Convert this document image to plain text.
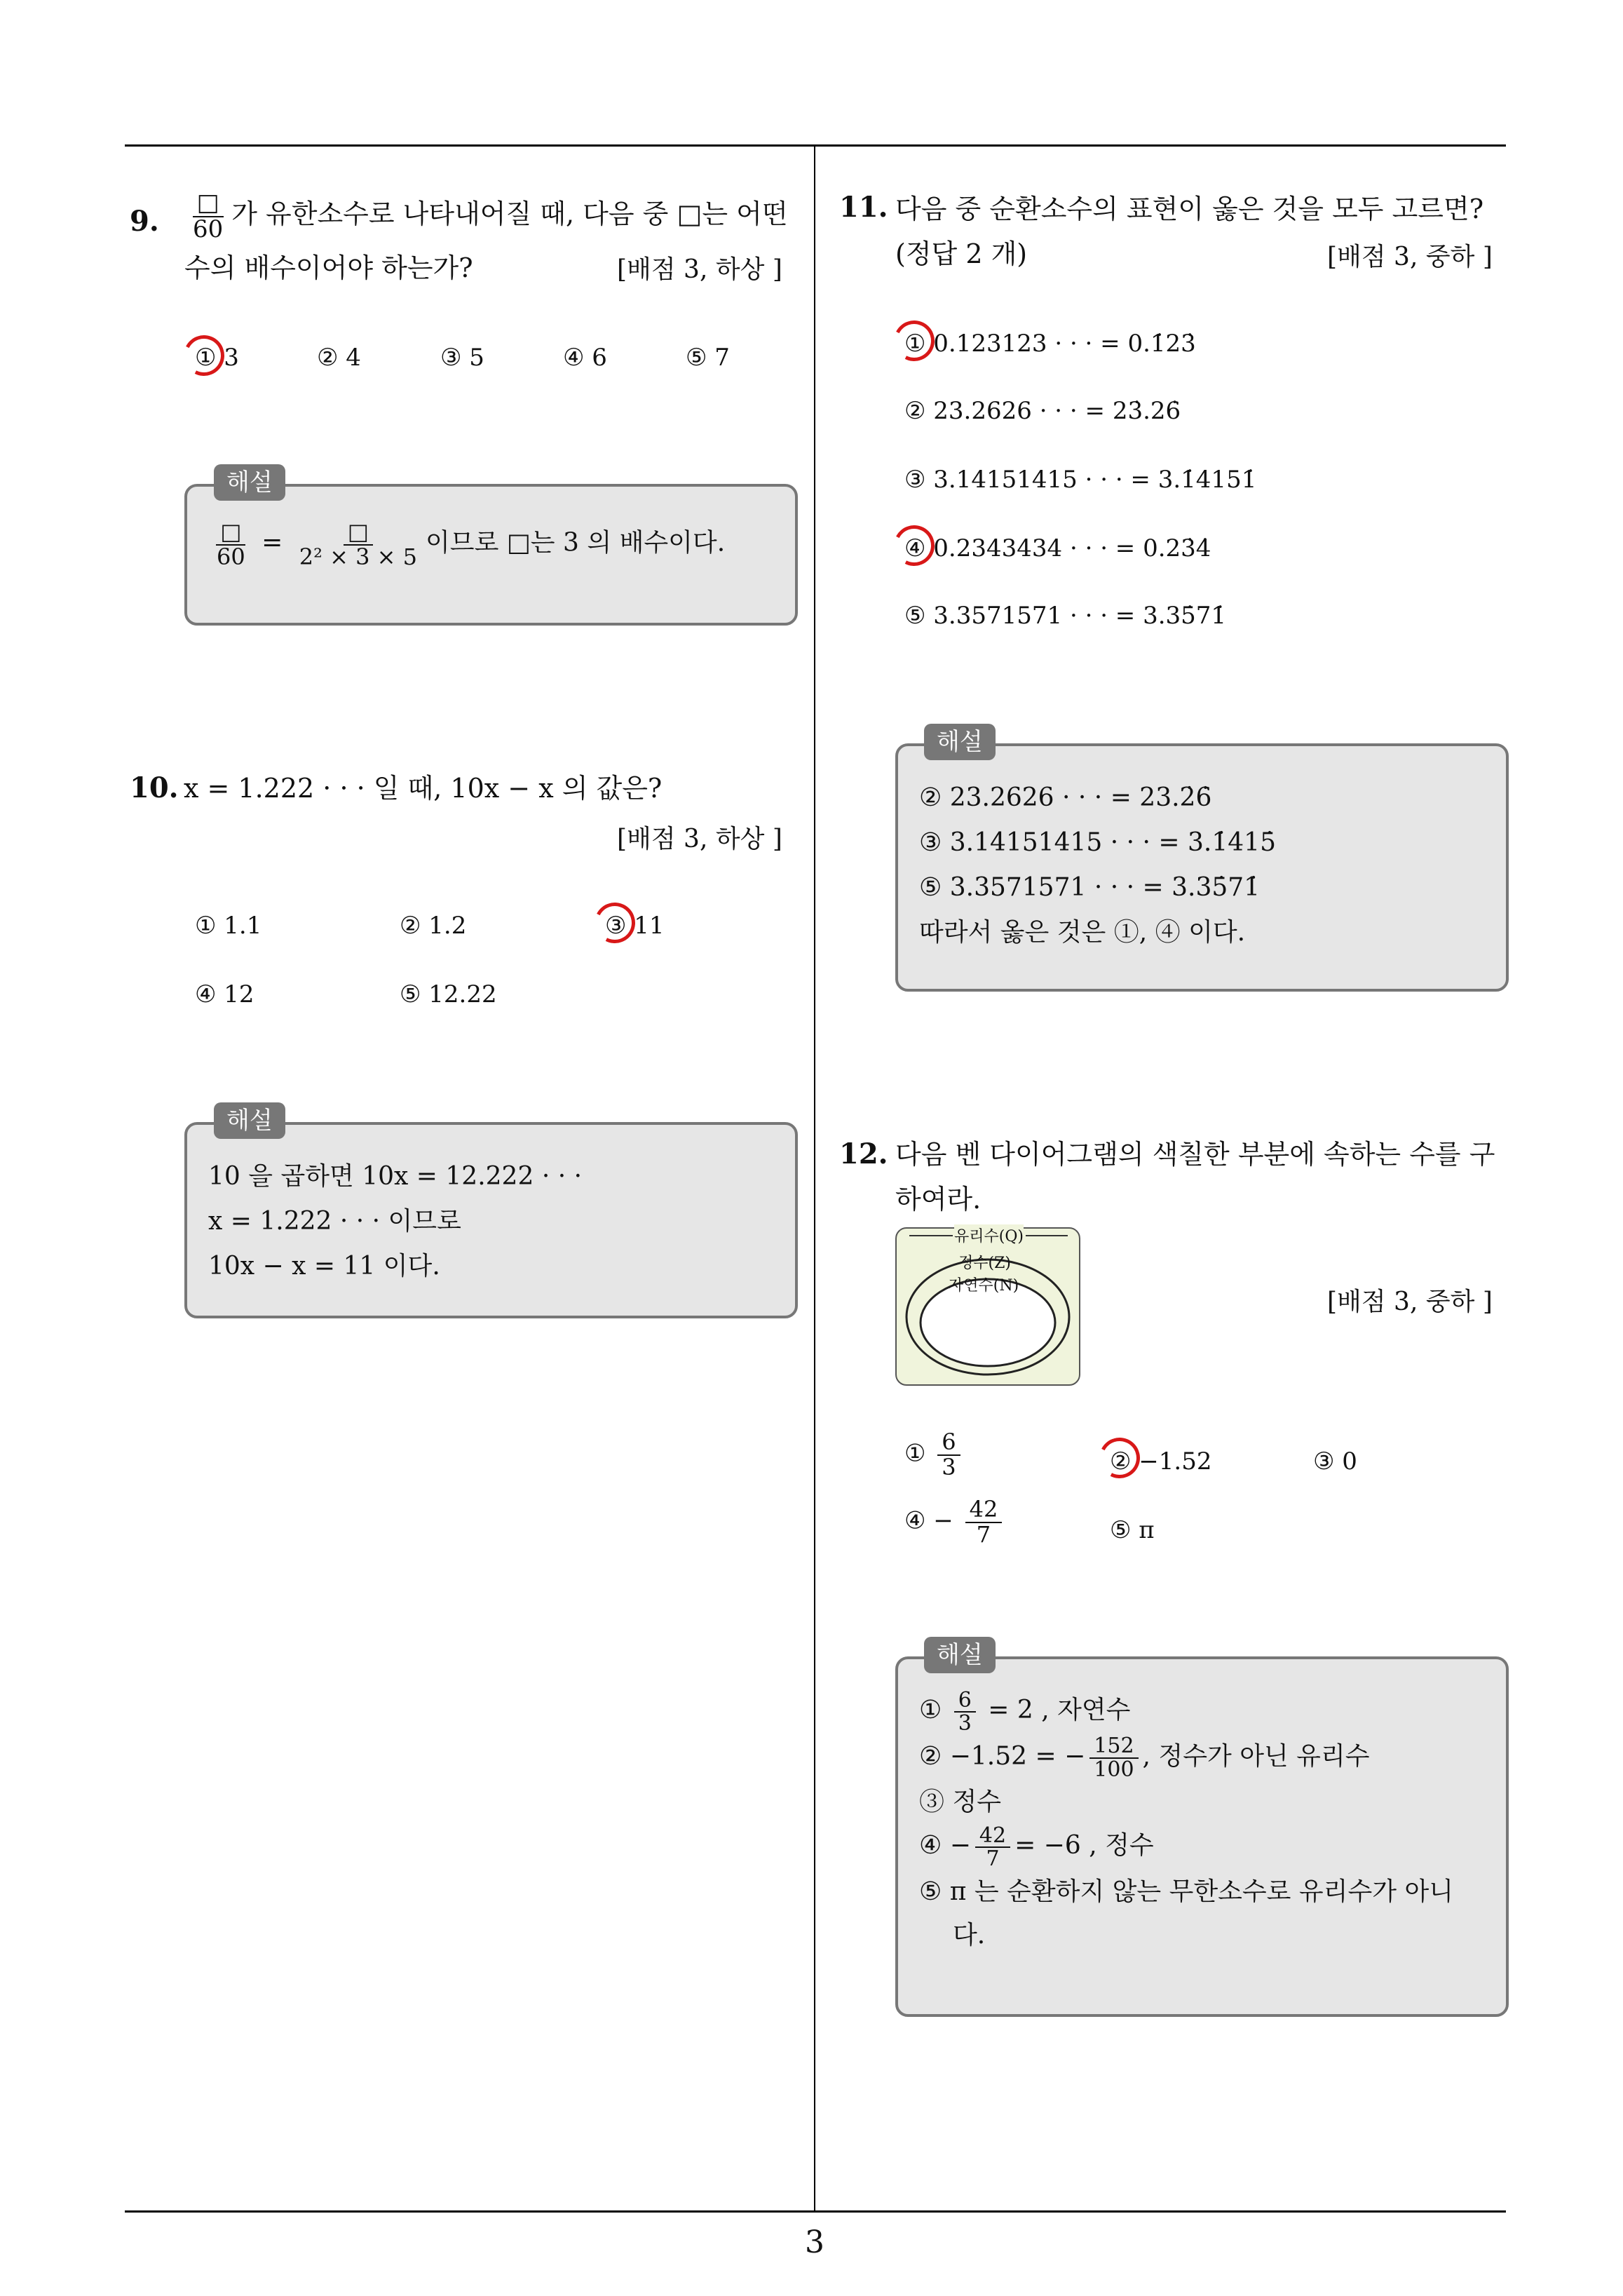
3
9. $\frac{□}{60}$ 가 유한소수로 나타내어질 때, 다음 중 □는 어떤
수의 배수이어야 하는가?	[배점 3, 하상 ]
① 3	② 4	③ 5	④ 6	⑤ 7
$\frac{□}{60} = \frac{□}{\text{2² × 3 × 5}}$ 이므로 □는 3 의 배수이다.
해설
10. x = 1.222 · · · 일 때, 10x − x 의 값은?
[배점 3, 하상 ]
① 1.1	② 1.2	③ 11
④ 12	⑤ 12.22
10 을 곱하면 10x = 12.222 · · ·
x = 1.222 · · · 이므로
10x − x = 11 이다.
해설
11. 다음 중 순환소수의 표현이 옳은 것을 모두 고르면?
(정답 2 개)	[배점 3, 중하 ]
① 0.123123 · · · = 0.1̇23̇
② 23.2626 · · · = 23̇.26̇
③ 3.14151415 · · · = 3.1̇4151̇
④ 0.2343434 · · · = 0.23̇4̇
⑤ 3.3571571 · · · = 3.35̇71̇
② 23.2626 · · · = 23.2̇6̇
③ 3.14151415 · · · = 3.1̇415̇
⑤ 3.3571571 · · · = 3.35̇71̇
따라서 옳은 것은 ①, ④ 이다.
해설
12. 다음 벤 다이어그램의 색칠한 부분에 속하는 수를 구
하여라.
[배점 3, 중하 ]
유리수(Q)
정수(Z)
자연수(N)
① $\frac{6}{3}$	② −1.52	③ 0
④ − $\frac{42}{7}$	⑤ π
① $\frac{6}{3} = 2$ , 자연수
② −1.52 = − $\frac{152}{100}$ , 정수가 아닌 유리수
③ 정수
④ − $\frac{42}{7} = -6$ , 정수
⑤ π 는 순환하지 않는 무한소수로 유리수가 아니
다.
해설
